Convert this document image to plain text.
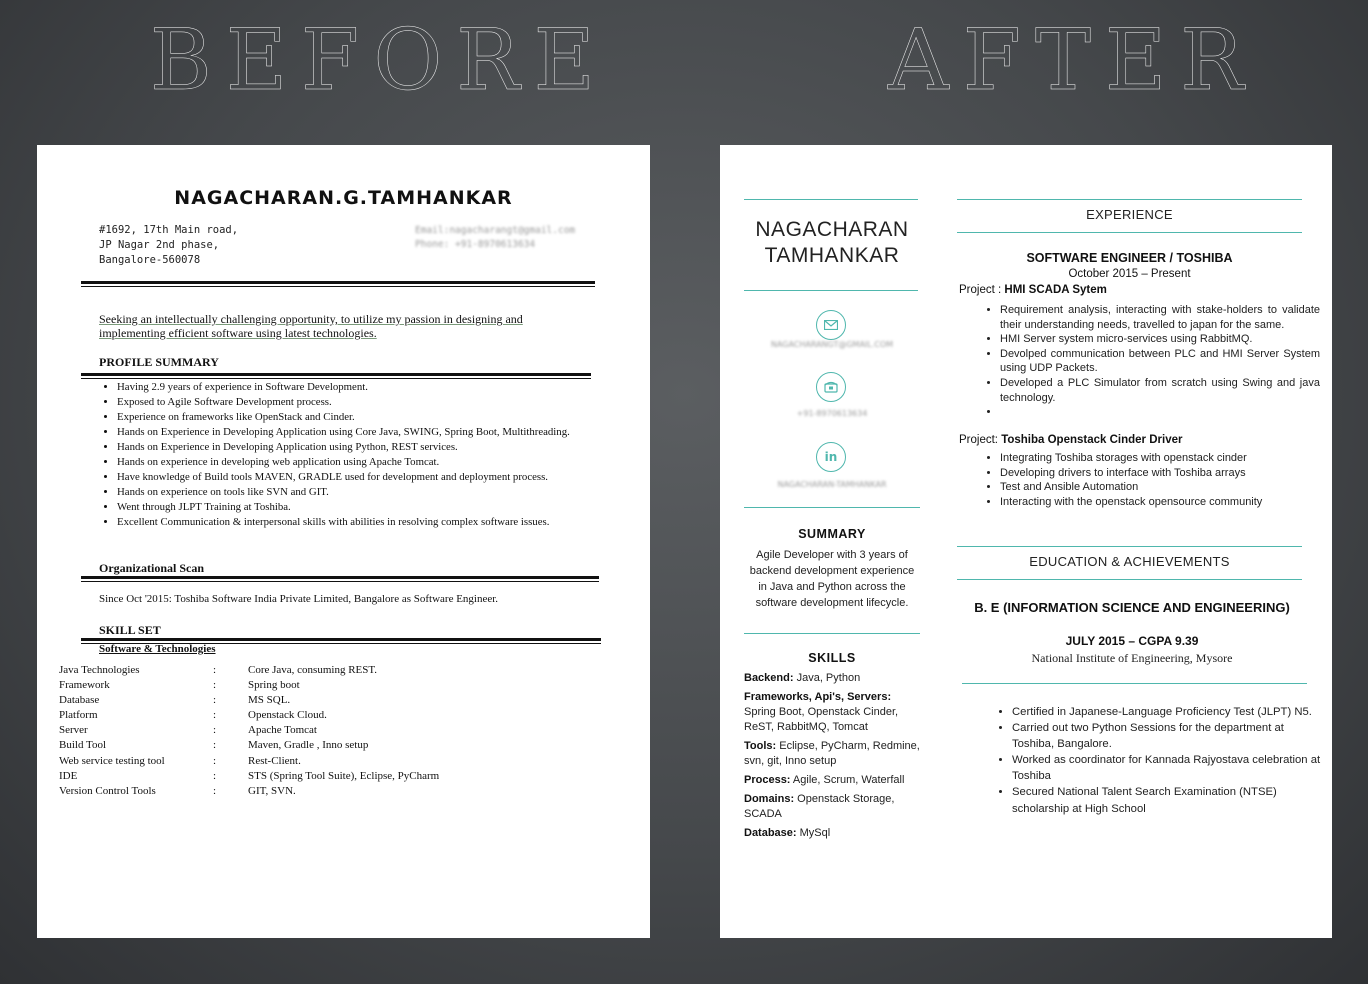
BEFORE	AFTER
NAGACHARAN.G.TAMHANKAR
#1692, 17th Main road,
JP Nagar 2nd phase,
Bangalore-560078
Email:nagacharangt@gmail.com
Phone: +91-8970613634
Seeking an intellectually challenging opportunity, to utilize my passion in designing and implementing efficient software using latest technologies.
PROFILE SUMMARY
• Having 2.9 years of experience in Software Development.
• Exposed to Agile Software Development process.
• Experience on frameworks like OpenStack and Cinder.
• Hands on Experience in Developing Application using Core Java, SWING, Spring Boot, Multithreading.
• Hands on Experience in Developing Application using Python, REST services.
• Hands on experience in developing web application using Apache Tomcat.
• Have knowledge of Build tools MAVEN, GRADLE used for development and deployment process.
• Hands on experience on tools like SVN and GIT.
• Went through JLPT Training at Toshiba.
• Excellent Communication & interpersonal skills with abilities in resolving complex software issues.
Organizational Scan
Since Oct '2015: Toshiba Software India Private Limited, Bangalore as Software Engineer.
SKILL SET
Software & Technologies
Java Technologies	:	Core Java, consuming REST.
Framework	:	Spring boot
Database	:	MS SQL.
Platform	:	Openstack Cloud.
Server	:	Apache Tomcat
Build Tool	:	Maven, Gradle , Inno setup
Web service testing tool	:	Rest-Client.
IDE	:	STS (Spring Tool Suite), Eclipse, PyCharm
Version Control Tools	:	GIT, SVN.
NAGACHARAN
TAMHANKAR
NAGACHARANGT@GMAIL.COM
+91-8970613634
in
NAGACHARAN-TAMHANKAR
SUMMARY
Agile Developer with 3 years of backend development experience in Java and Python across the software development lifecycle.
SKILLS
Backend: Java, Python
Frameworks, Api's, Servers: Spring Boot, Openstack Cinder, ReST, RabbitMQ, Tomcat
Tools: Eclipse, PyCharm, Redmine, svn, git, Inno setup
Process: Agile, Scrum, Waterfall
Domains: Openstack Storage, SCADA
Database: MySql
EXPERIENCE
SOFTWARE ENGINEER / TOSHIBA
October 2015 – Present
Project : HMI SCADA Sytem
• Requirement analysis, interacting with stake-holders to validate their understanding needs, travelled to japan for the same.
• HMI Server system micro-services using RabbitMQ.
• Devolped communication between PLC and HMI Server System using UDP Packets.
• Developed a PLC Simulator from scratch using Swing and java technology.
•
Project: Toshiba Openstack Cinder Driver
• Integrating Toshiba storages with openstack cinder
• Developing drivers to interface with Toshiba arrays
• Test and Ansible Automation
• Interacting with the openstack opensource community
EDUCATION & ACHIEVEMENTS
B. E (INFORMATION SCIENCE AND ENGINEERING)
JULY 2015 – CGPA 9.39
National Institute of Engineering, Mysore
• Certified in Japanese-Language Proficiency Test (JLPT) N5.
• Carried out two Python Sessions for the department at Toshiba, Bangalore.
• Worked as coordinator for Kannada Rajyostava celebration at Toshiba
• Secured National Talent Search Examination (NTSE) scholarship at High School
